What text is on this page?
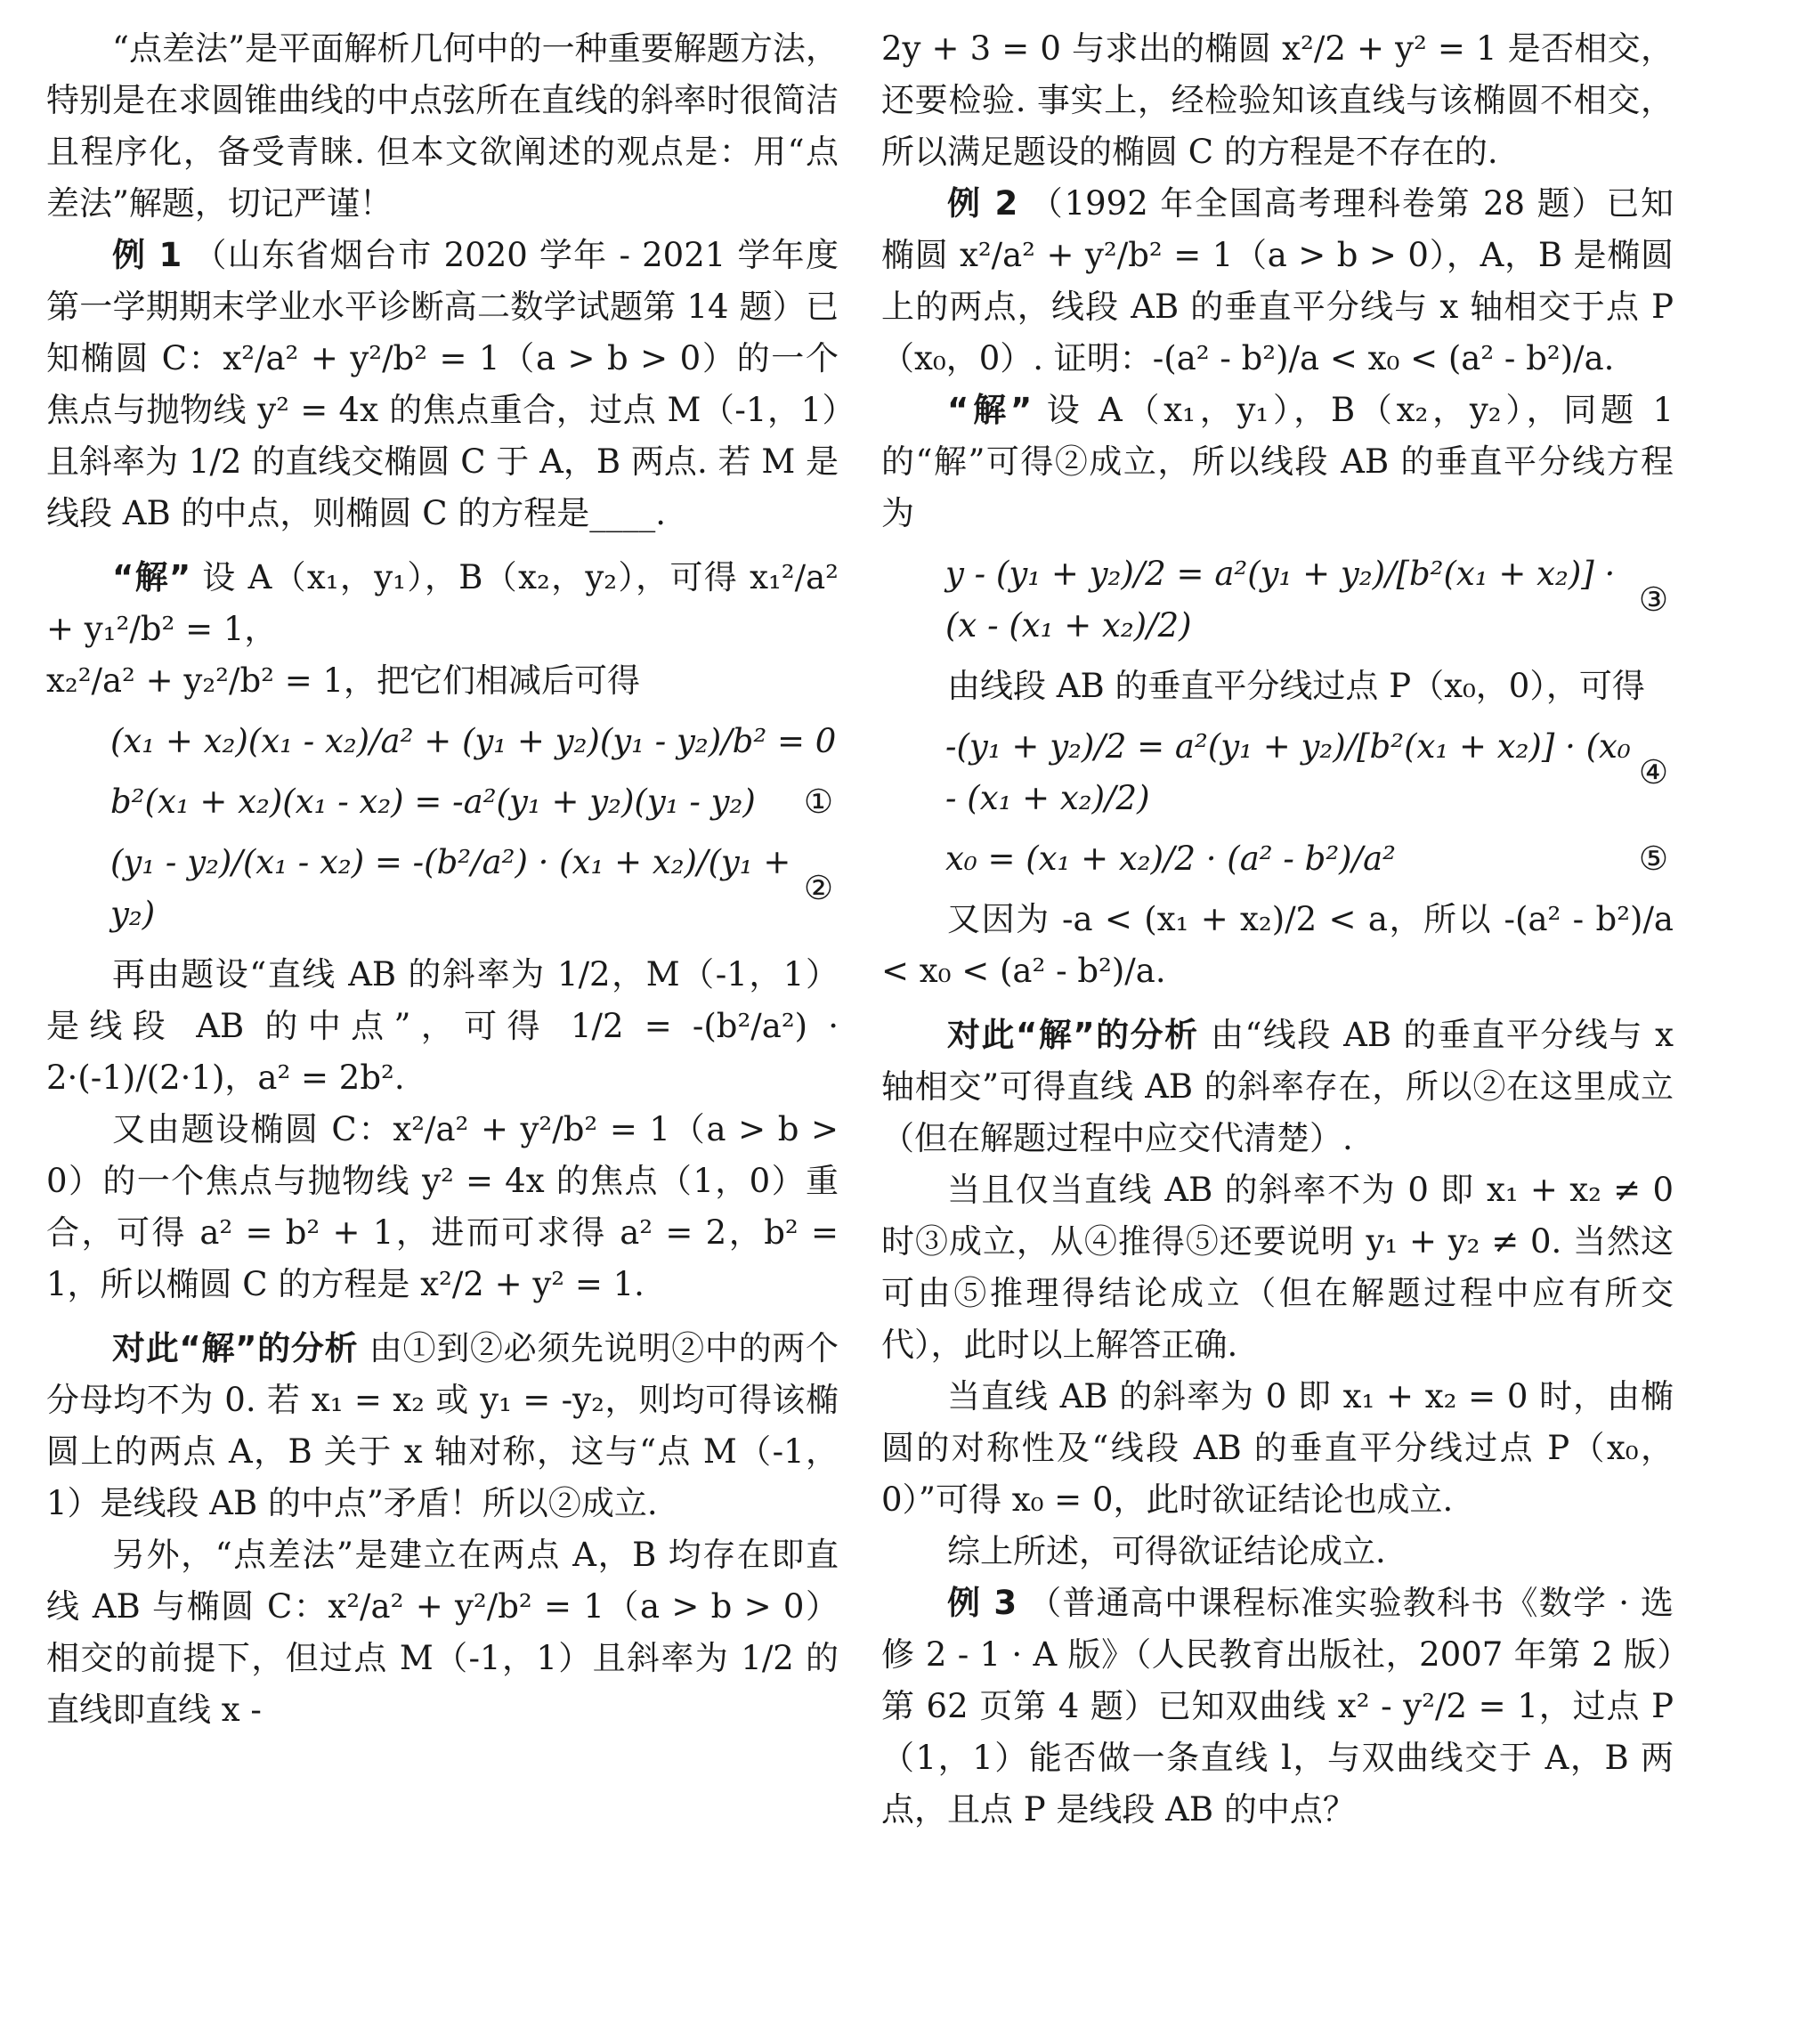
“点差法”是平面解析几何中的一种重要解题方法，特别是在求圆锥曲线的中点弦所在直线的斜率时很简洁且程序化，备受青睐. 但本文欲阐述的观点是：用“点差法”解题，切记严谨！

例 1 （山东省烟台市 2020 学年 - 2021 学年度第一学期期末学业水平诊断高二数学试题第 14 题）已知椭圆 C：x²/a² + y²/b² = 1（a > b > 0）的一个焦点与抛物线 y² = 4x 的焦点重合，过点 M（-1，1）且斜率为 1/2 的直线交椭圆 C 于 A，B 两点. 若 M 是线段 AB 的中点，则椭圆 C 的方程是____.

“解” 设 A（x₁，y₁），B（x₂，y₂），可得 x₁²/a² + y₁²/b² = 1，

x₂²/a² + y₂²/b² = 1，把它们相减后可得

(x₁ + x₂)(x₁ - x₂)/a² + (y₁ + y₂)(y₁ - y₂)/b² = 0
b²(x₁ + x₂)(x₁ - x₂) = -a²(y₁ + y₂)(y₁ - y₂) ①
(y₁ - y₂)/(x₁ - x₂) = -(b²/a²) · (x₁ + x₂)/(y₁ + y₂)
②

再由题设“直线 AB 的斜率为 1/2，M（-1，1）是线段 AB 的中点”，可得 1/2 = -(b²/a²) · 2·(-1)/(2·1)，a² = 2b².

又由题设椭圆 C：x²/a² + y²/b² = 1（a > b > 0）的一个焦点与抛物线 y² = 4x 的焦点（1，0）重合，可得 a² = b² + 1，进而可求得 a² = 2，b² = 1，所以椭圆 C 的方程是 x²/2 + y² = 1.

对此“解”的分析 由①到②必须先说明②中的两个分母均不为 0. 若 x₁ = x₂ 或 y₁ = -y₂，则均可得该椭圆上的两点 A，B 关于 x 轴对称，这与“点 M（-1，1）是线段 AB 的中点”矛盾！所以②成立.

另外，“点差法”是建立在两点 A，B 均存在即直线 AB 与椭圆 C：x²/a² + y²/b² = 1（a > b > 0）相交的前提下，但过点 M（-1，1）且斜率为 1/2 的直线即直线 x -

2y + 3 = 0 与求出的椭圆 x²/2 + y² = 1 是否相交，还要检验. 事实上，经检验知该直线与该椭圆不相交，所以满足题设的椭圆 C 的方程是不存在的.

例 2 （1992 年全国高考理科卷第 28 题）已知椭圆 x²/a² + y²/b² = 1（a > b > 0），A，B 是椭圆上的两点，线段 AB 的垂直平分线与 x 轴相交于点 P（x₀，0）. 证明：-(a² - b²)/a < x₀ < (a² - b²)/a.

“解” 设 A（x₁，y₁），B（x₂，y₂），同题 1 的“解”可得②成立，所以线段 AB 的垂直平分线方程为

y - (y₁ + y₂)/2 = a²(y₁ + y₂)/[b²(x₁ + x₂)] · (x - (x₁ + x₂)/2)
③

由线段 AB 的垂直平分线过点 P（x₀，0），可得

-(y₁ + y₂)/2 = a²(y₁ + y₂)/[b²(x₁ + x₂)] · (x₀ - (x₁ + x₂)/2)
④
x₀ = (x₁ + x₂)/2 · (a² - b²)/a²	⑤

又因为 -a < (x₁ + x₂)/2 < a，所以 -(a² - b²)/a < x₀ < (a² - b²)/a.

对此“解”的分析 由“线段 AB 的垂直平分线与 x 轴相交”可得直线 AB 的斜率存在，所以②在这里成立（但在解题过程中应交代清楚）.

当且仅当直线 AB 的斜率不为 0 即 x₁ + x₂ ≠ 0 时③成立，从④推得⑤还要说明 y₁ + y₂ ≠ 0. 当然这可由⑤推理得结论成立（但在解题过程中应有所交代），此时以上解答正确.

当直线 AB 的斜率为 0 即 x₁ + x₂ = 0 时，由椭圆的对称性及“线段 AB 的垂直平分线过点 P（x₀，0）”可得 x₀ = 0，此时欲证结论也成立.

综上所述，可得欲证结论成立.

例 3 （普通高中课程标准实验教科书《数学 · 选修 2 - 1 · A 版》（人民教育出版社，2007 年第 2 版）第 62 页第 4 题）已知双曲线 x² - y²/2 = 1，过点 P（1，1）能否做一条直线 l，与双曲线交于 A，B 两点，且点 P 是线段 AB 的中点？
